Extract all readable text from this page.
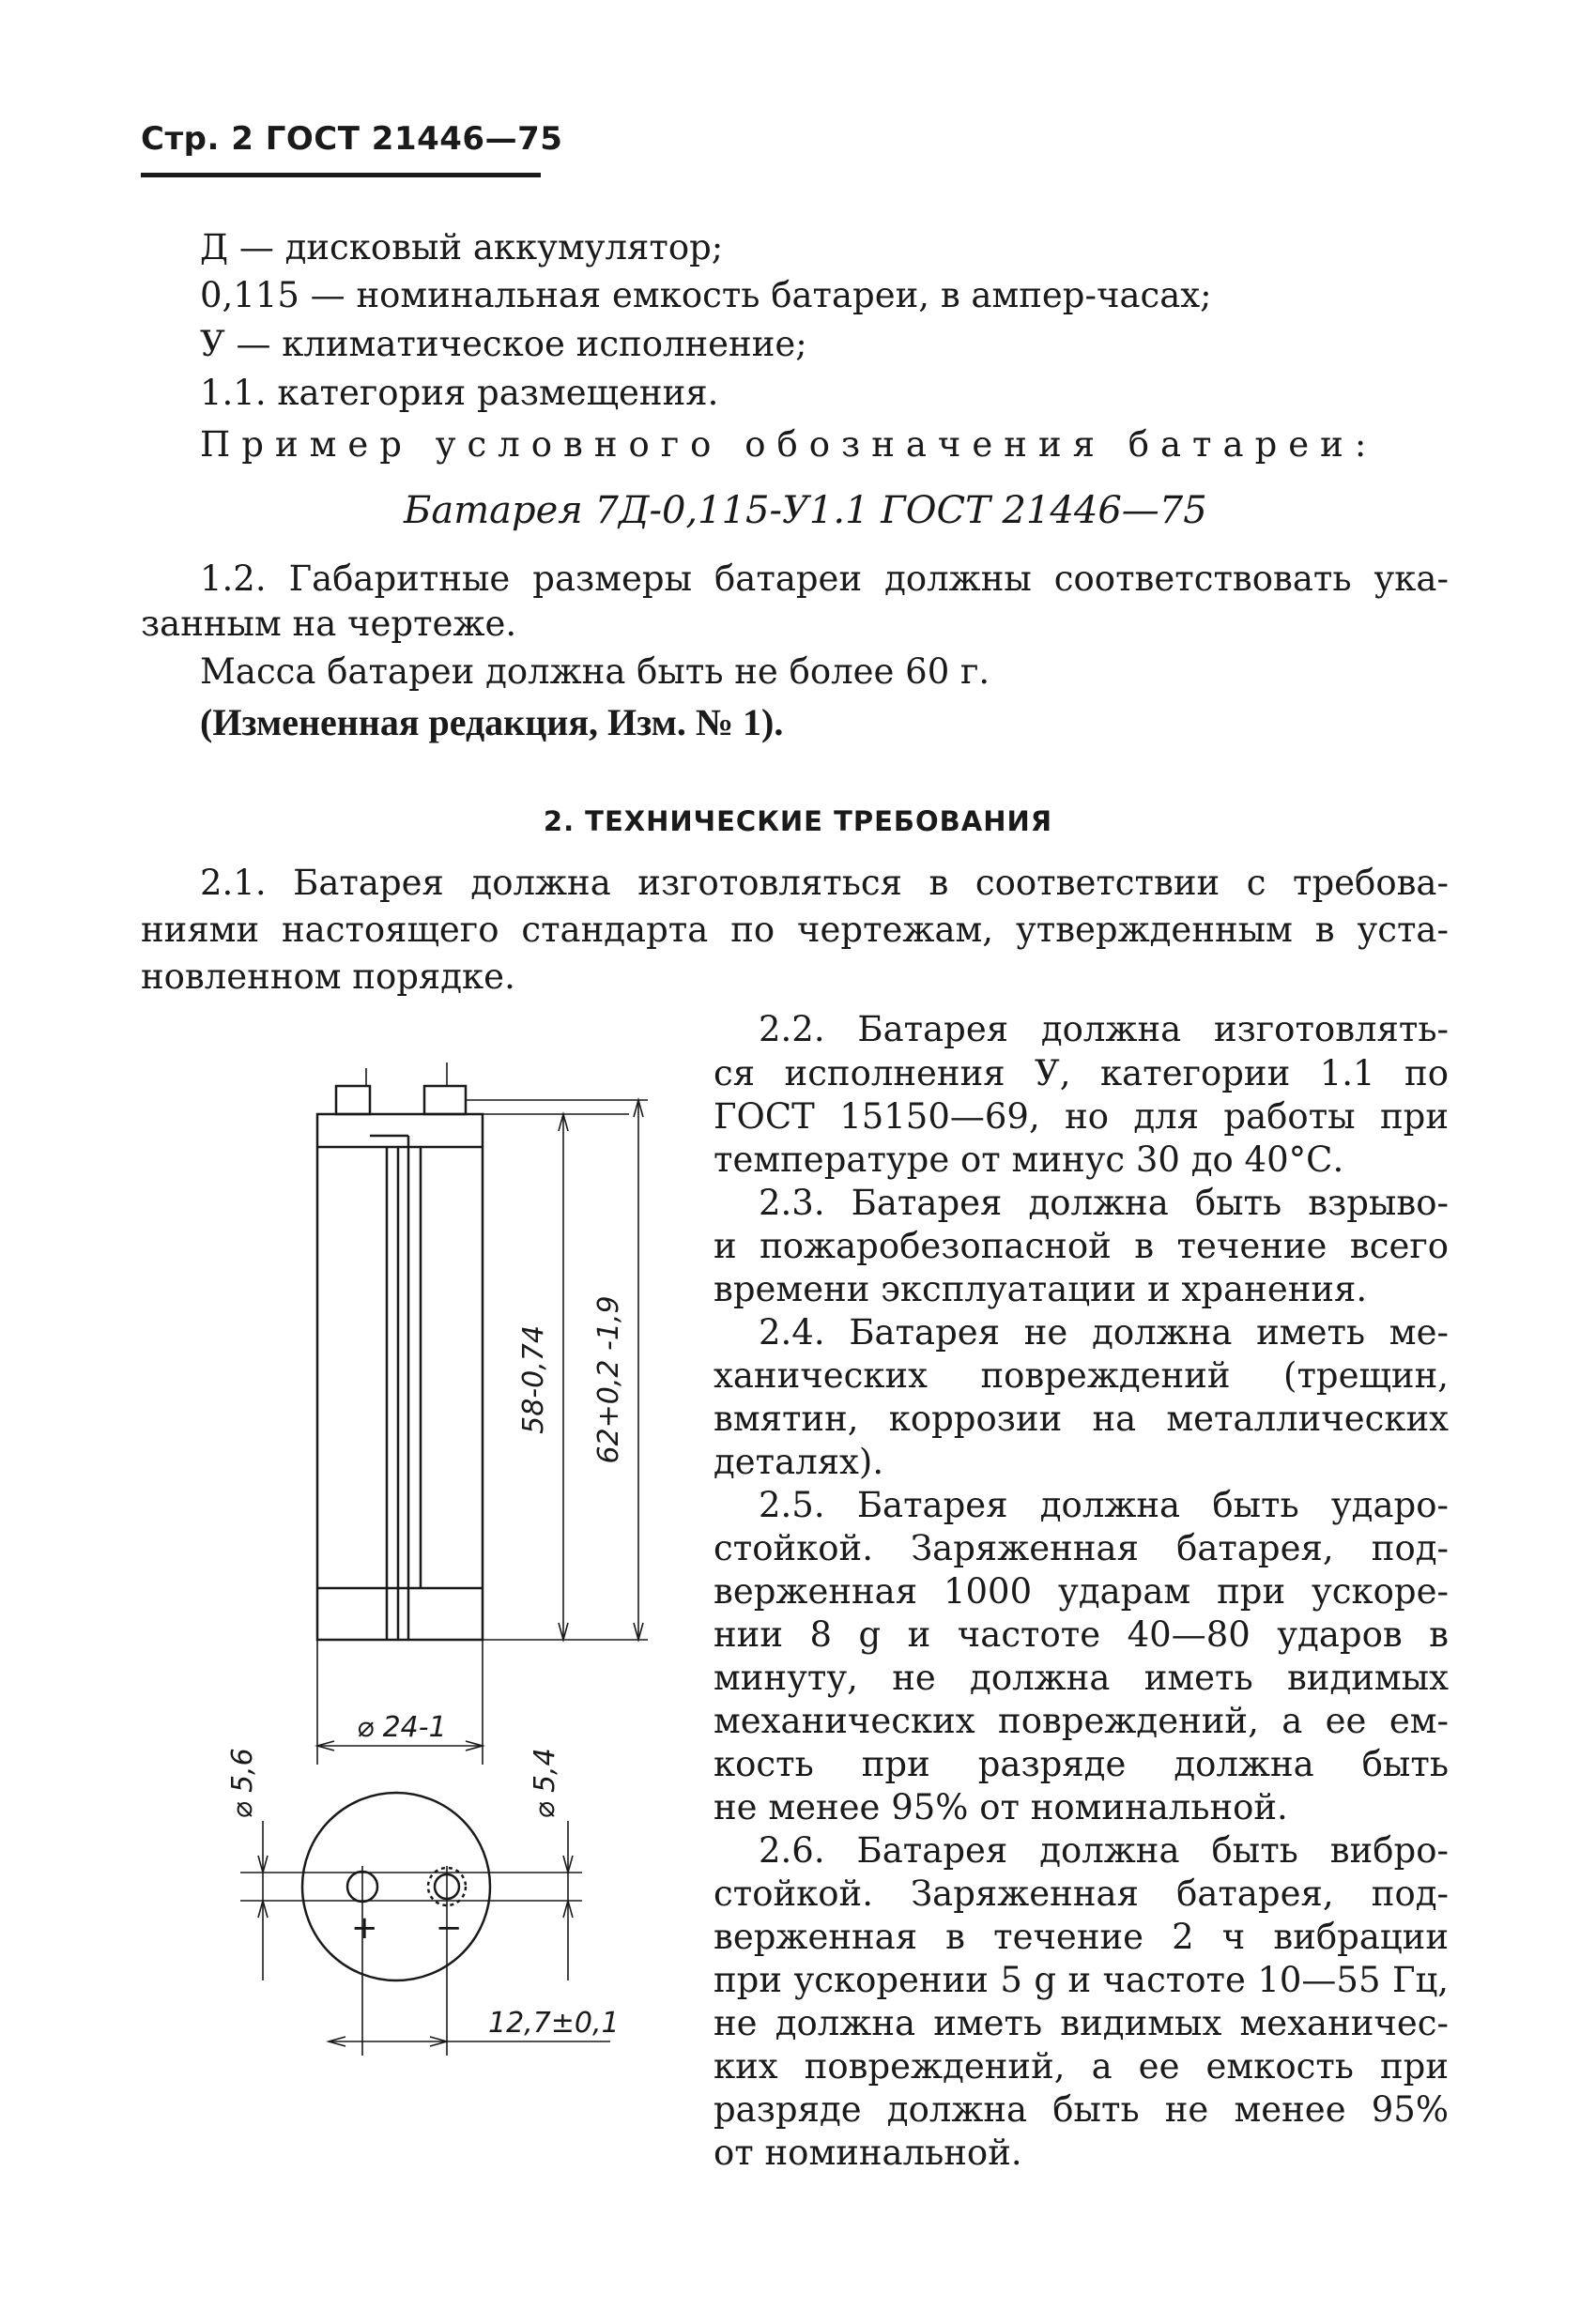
Стр. 2 ГОСТ 21446—75
Д — дисковый аккумулятор;
0,115 — номинальная емкость батареи, в ампер-часах;
У — климатическое исполнение;
1.1. категория размещения.
Пример условного обозначения батареи:
Батарея 7Д-0,115-У1.1 ГОСТ 21446—75
1.2. Габаритные размеры батареи должны соответствовать ука-
занным на чертеже.
Масса батареи должна быть не более 60 г.
(Измененная редакция, Изм. № 1).
2. ТЕХНИЧЕСКИЕ ТРЕБОВАНИЯ
2.1. Батарея должна изготовляться в соответствии с требова-
ниями настоящего стандарта по чертежам, утвержденным в уста-
новленном порядке.
2.2. Батарея должна изготовлять-
ся исполнения У, категории 1.1 по
ГОСТ 15150—69, но для работы при
температуре от минус 30 до 40°С.
2.3. Батарея должна быть взрыво-
и пожаробезопасной в течение всего
времени эксплуатации и хранения.
2.4. Батарея не должна иметь ме-
ханических повреждений (трещин,
вмятин, коррозии на металлических
деталях).
2.5. Батарея должна быть ударо-
стойкой. Заряженная батарея, под-
верженная 1000 ударам при ускоре-
нии 8 g и частоте 40—80 ударов в
минуту, не должна иметь видимых
механических повреждений, а ее ем-
кость при разряде должна быть
не менее 95% от номинальной.
2.6. Батарея должна быть вибро-
стойкой. Заряженная батарея, под-
верженная в течение 2 ч вибрации
при ускорении 5 g и частоте 10—55 Гц,
не должна иметь видимых механичес-
ких повреждений, а ее емкость при
разряде должна быть не менее 95%
от номинальной.
58-0,74 62+0,2 -1,9
⌀ 24-1
⌀ 5,6	⌀ 5,4
12,7±0,1
+ −
